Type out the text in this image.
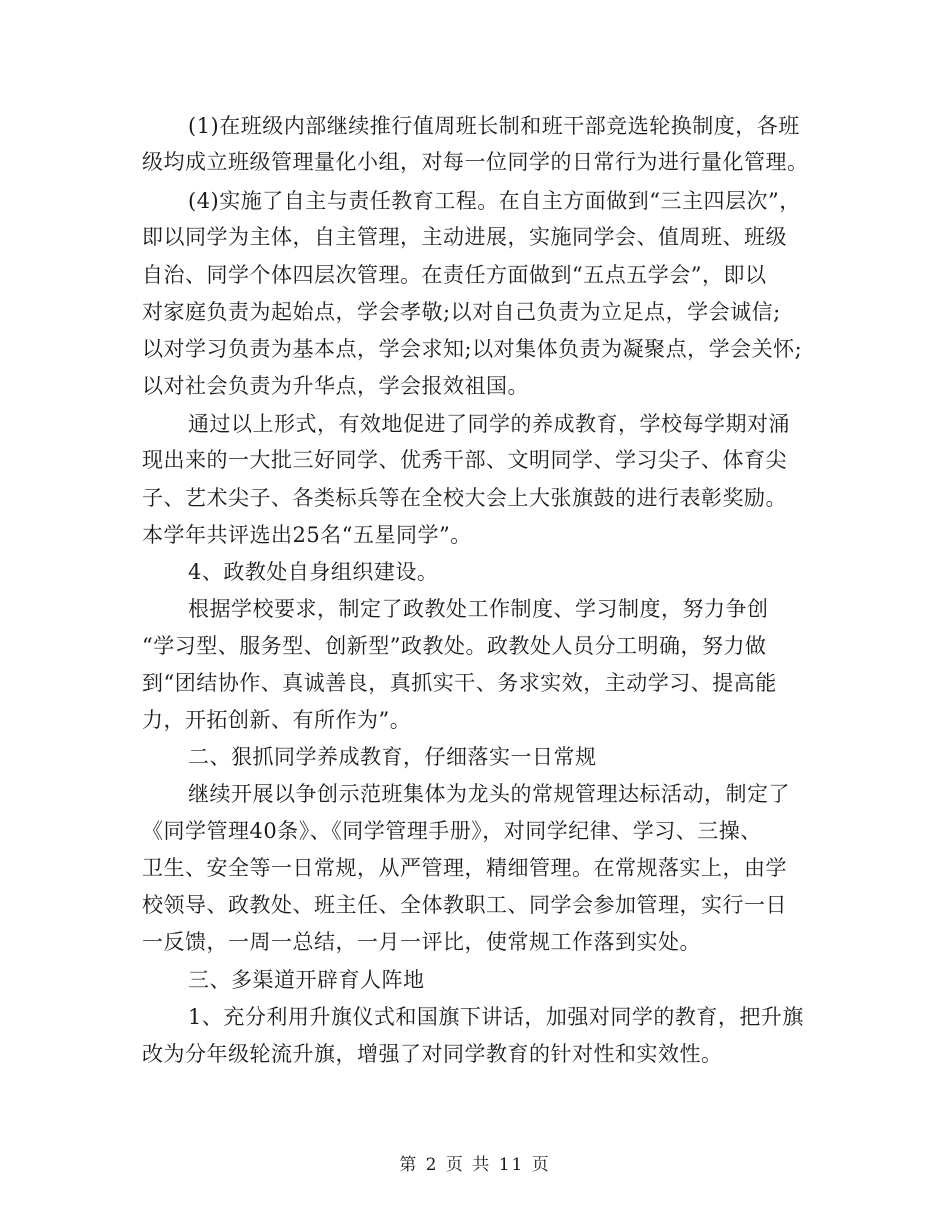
(1)在班级内部继续推行值周班长制和班干部竞选轮换制度，各班
级均成立班级管理量化小组，对每一位同学的日常行为进行量化管理。
(4)实施了自主与责任教育工程。在自主方面做到“三主四层次”，
即以同学为主体，自主管理，主动进展，实施同学会、值周班、班级
自治、同学个体四层次管理。在责任方面做到“五点五学会”，即以
对家庭负责为起始点，学会孝敬;以对自己负责为立足点，学会诚信;
以对学习负责为基本点，学会求知;以对集体负责为凝聚点，学会关怀;
以对社会负责为升华点，学会报效祖国。
通过以上形式，有效地促进了同学的养成教育，学校每学期对涌
现出来的一大批三好同学、优秀干部、文明同学、学习尖子、体育尖
子、艺术尖子、各类标兵等在全校大会上大张旗鼓的进行表彰奖励。
本学年共评选出25名“五星同学”。
4、政教处自身组织建设。
根据学校要求，制定了政教处工作制度、学习制度，努力争创
“学习型、服务型、创新型”政教处。政教处人员分工明确，努力做
到“团结协作、真诚善良，真抓实干、务求实效，主动学习、提高能
力，开拓创新、有所作为”。
二、狠抓同学养成教育，仔细落实一日常规
继续开展以争创示范班集体为龙头的常规管理达标活动，制定了
《同学管理40条》、《同学管理手册》，对同学纪律、学习、三操、
卫生、安全等一日常规，从严管理，精细管理。在常规落实上，由学
校领导、政教处、班主任、全体教职工、同学会参加管理，实行一日
一反馈，一周一总结，一月一评比，使常规工作落到实处。
三、多渠道开辟育人阵地
1、充分利用升旗仪式和国旗下讲话，加强对同学的教育，把升旗
改为分年级轮流升旗，增强了对同学教育的针对性和实效性。
第 2 页 共 11 页
